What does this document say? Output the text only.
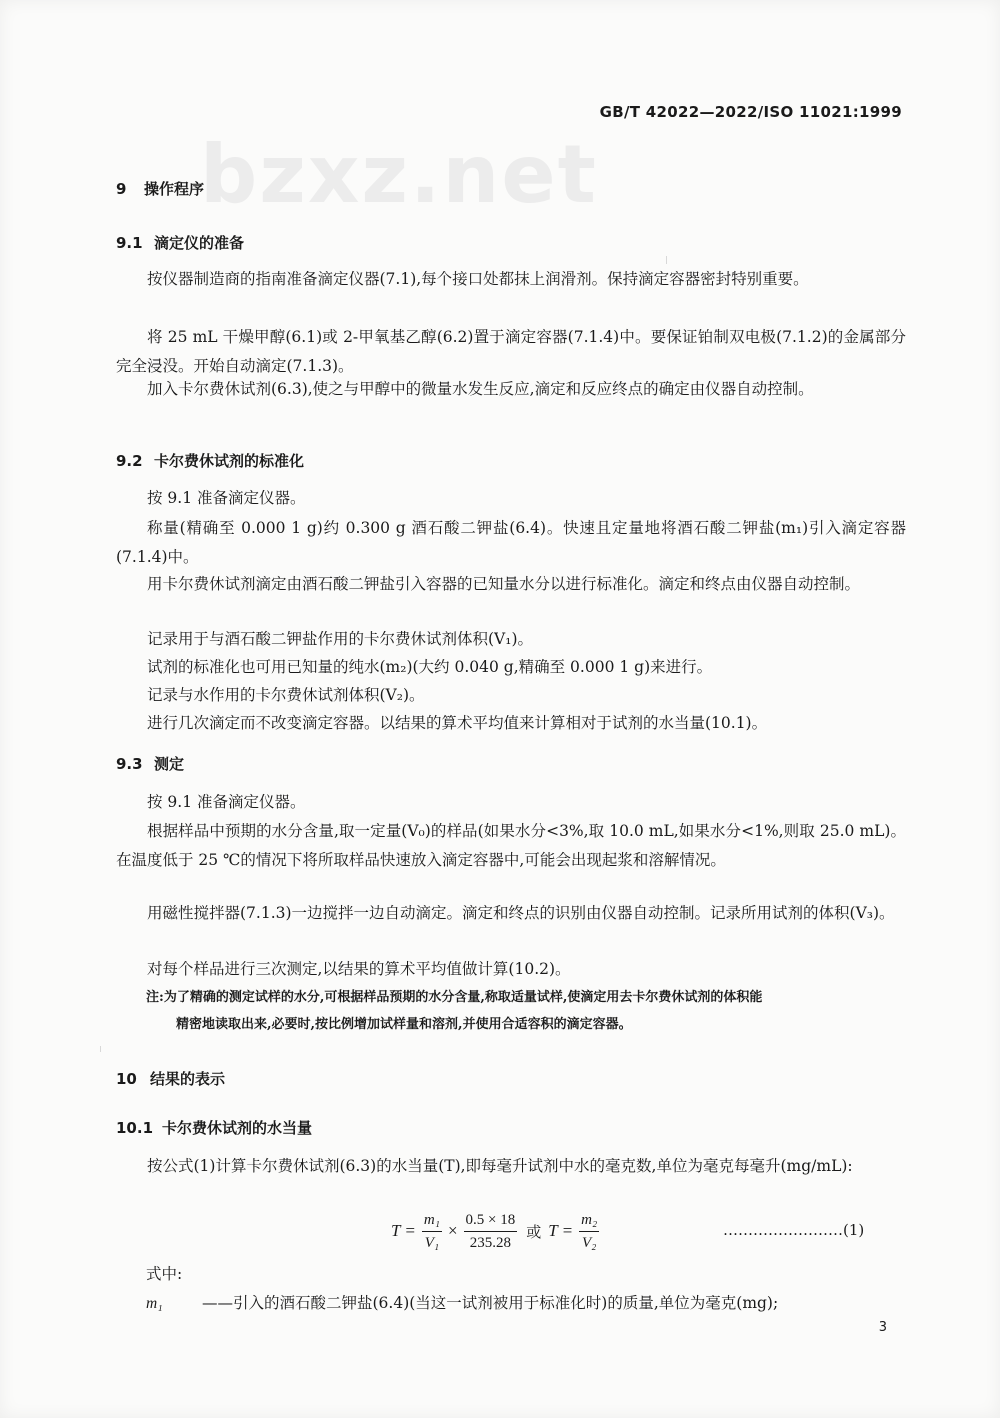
bzxz.net
GB/T 42022—2022/ISO 11021:1999
9 操作程序
9.1 滴定仪的准备
按仪器制造商的指南准备滴定仪器(7.1),每个接口处都抹上润滑剂。保持滴定容器密封特别重要。
将 25 mL 干燥甲醇(6.1)或 2-甲氧基乙醇(6.2)置于滴定容器(7.1.4)中。要保证铂制双电极(7.1.2)的金属部分完全浸没。开始自动滴定(7.1.3)。
加入卡尔费休试剂(6.3),使之与甲醇中的微量水发生反应,滴定和反应终点的确定由仪器自动控制。
9.2 卡尔费休试剂的标准化
按 9.1 准备滴定仪器。
称量(精确至 0.000 1 g)约 0.300 g 酒石酸二钾盐(6.4)。快速且定量地将酒石酸二钾盐(m₁)引入滴定容器(7.1.4)中。
用卡尔费休试剂滴定由酒石酸二钾盐引入容器的已知量水分以进行标准化。滴定和终点由仪器自动控制。
记录用于与酒石酸二钾盐作用的卡尔费休试剂体积(V₁)。
试剂的标准化也可用已知量的纯水(m₂)(大约 0.040 g,精确至 0.000 1 g)来进行。
记录与水作用的卡尔费休试剂体积(V₂)。
进行几次滴定而不改变滴定容器。以结果的算术平均值来计算相对于试剂的水当量(10.1)。
9.3 测定
按 9.1 准备滴定仪器。
根据样品中预期的水分含量,取一定量(V₀)的样品(如果水分<3%,取 10.0 mL,如果水分<1%,则取 25.0 mL)。在温度低于 25 ℃的情况下将所取样品快速放入滴定容器中,可能会出现起浆和溶解情况。
用磁性搅拌器(7.1.3)一边搅拌一边自动滴定。滴定和终点的识别由仪器自动控制。记录所用试剂的体积(V₃)。
对每个样品进行三次测定,以结果的算术平均值做计算(10.2)。
注:为了精确的测定试样的水分,可根据样品预期的水分含量,称取适量试样,使滴定用去卡尔费休试剂的体积能
精密地读取出来,必要时,按比例增加试样量和溶剂,并使用合适容积的滴定容器。
10 结果的表示
10.1 卡尔费休试剂的水当量
按公式(1)计算卡尔费休试剂(6.3)的水当量(T),即每毫升试剂中水的毫克数,单位为毫克每毫升(mg/mL):
$T = \frac{\text{m₁}}{\text{V₁}} \times \frac{0.5 \times 18}{235.28}$ 或 $T = \frac{\text{m₂}}{\text{V₂}}$	……………………(1)
式中:
m₁	——引入的酒石酸二钾盐(6.4)(当这一试剂被用于标准化时)的质量,单位为毫克(mg);
3
